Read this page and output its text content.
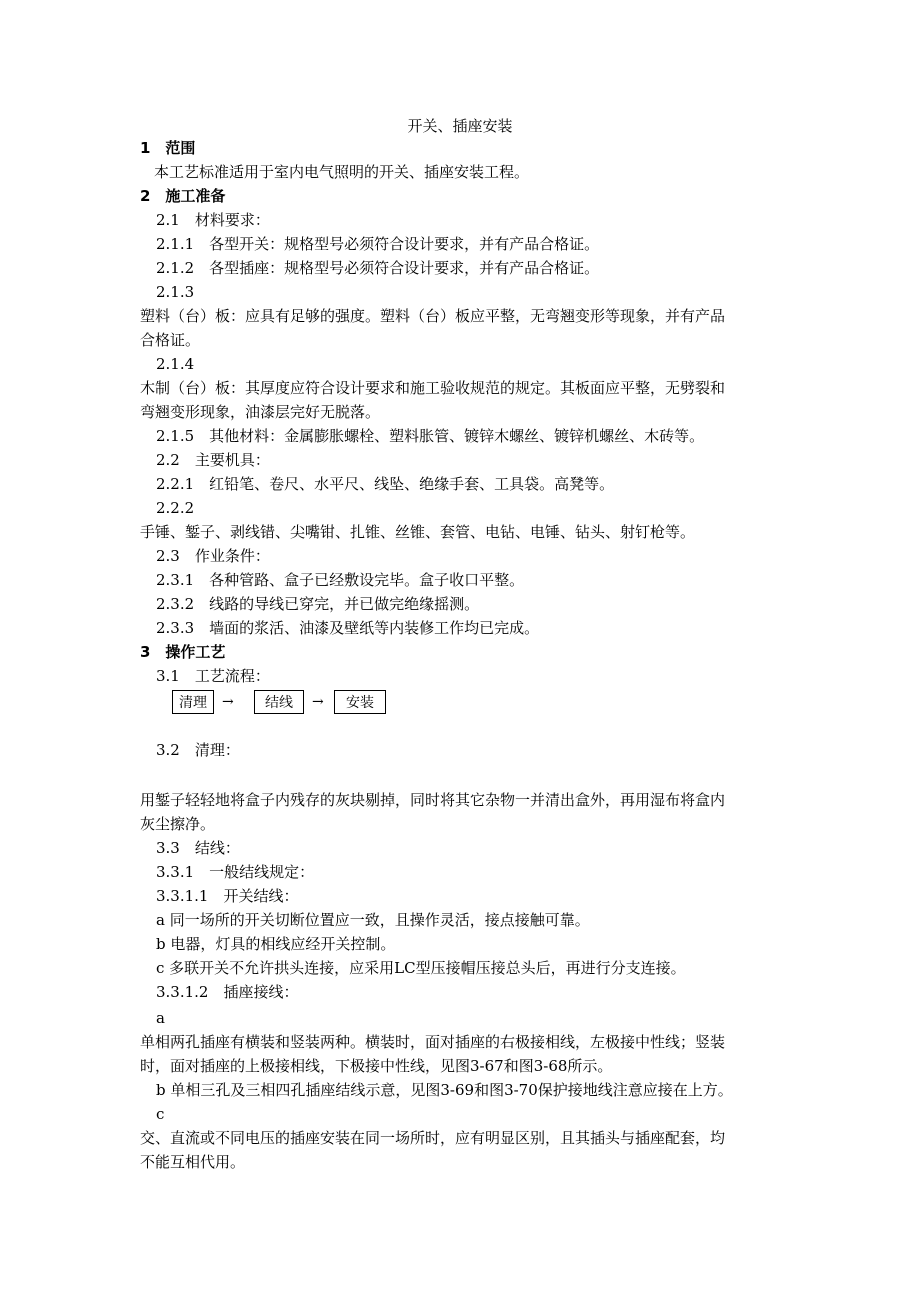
开关、插座安装
1　范围
本工艺标准适用于室内电气照明的开关、插座安装工程。
2　施工准备
2.1　材料要求：
2.1.1　各型开关：规格型号必须符合设计要求，并有产品合格证。
2.1.2　各型插座：规格型号必须符合设计要求，并有产品合格证。
2.1.3
塑料（台）板：应具有足够的强度。塑料（台）板应平整，无弯翘变形等现象，并有产品
合格证。
2.1.4
木制（台）板：其厚度应符合设计要求和施工验收规范的规定。其板面应平整，无劈裂和
弯翘变形现象，油漆层完好无脱落。
2.1.5　其他材料：金属膨胀螺栓、塑料胀管、镀锌木螺丝、镀锌机螺丝、木砖等。
2.2　主要机具：
2.2.1　红铅笔、卷尺、水平尺、线坠、绝缘手套、工具袋。高凳等。
2.2.2
手锤、錾子、剥线错、尖嘴钳、扎锥、丝锥、套管、电钻、电锤、钻头、射钉枪等。
2.3　作业条件：
2.3.1　各种管路、盒子已经敷设完毕。盒子收口平整。
2.3.2　线路的导线已穿完，并已做完绝缘摇测。
2.3.3　墙面的浆活、油漆及壁纸等内装修工作均已完成。
3　操作工艺
3.1　工艺流程：
清理	→	结线	→	安装
3.2　清理：
用錾子轻轻地将盒子内残存的灰块剔掉，同时将其它杂物一并清出盒外，再用湿布将盒内
灰尘擦净。
3.3　结线：
3.3.1　一般结线规定：
3.3.1.1　开关结线：
a 同一场所的开关切断位置应一致，且操作灵活，接点接触可靠。
b 电器，灯具的相线应经开关控制。
c 多联开关不允许拱头连接，应采用LC型压接帽压接总头后，再进行分支连接。
3.3.1.2　插座接线：
a
单相两孔插座有横装和竖装两种。横装时，面对插座的右极接相线，左极接中性线；竖装
时，面对插座的上极接相线，下极接中性线，见图3-67和图3-68所示。
b 单相三孔及三相四孔插座结线示意，见图3-69和图3-70保护接地线注意应接在上方。
c
交、直流或不同电压的插座安装在同一场所时，应有明显区别，且其插头与插座配套，均
不能互相代用。
